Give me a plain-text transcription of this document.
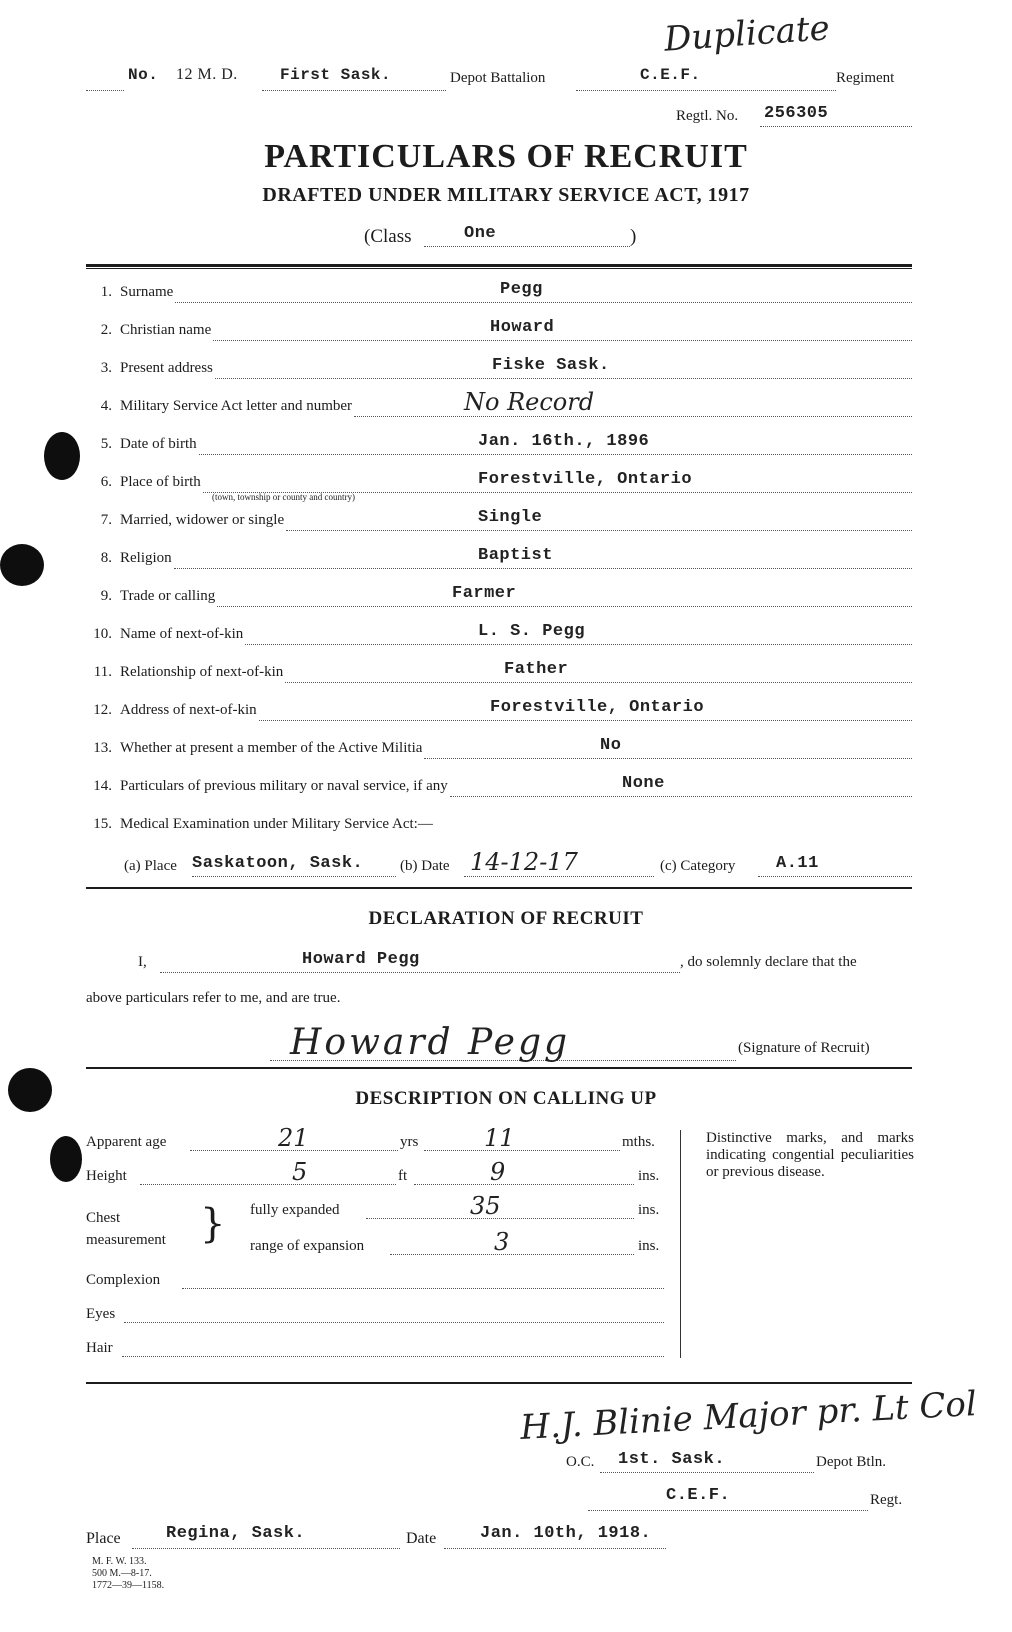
Duplicate
No. 12 M. D.	First Sask.	Depot Battalion	C.E.F.	Regiment
Regtl. No. 256305
PARTICULARS OF RECRUIT
DRAFTED UNDER MILITARY SERVICE ACT, 1917
(Class	One	)
1. Surname	Pegg
2. Christian name	Howard
3. Present address	Fiske Sask.
4. Military Service Act letter and number	No Record
5. Date of birth	Jan. 16th., 1896
6. Place of birth	Forestville, Ontario
(town, township or county and country)
7. Married, widower or single	Single
8. Religion	Baptist
9. Trade or calling	Farmer
10. Name of next-of-kin	L. S. Pegg
11. Relationship of next-of-kin	Father
12. Address of next-of-kin	Forestville, Ontario
13. Whether at present a member of the Active Militia	No
14. Particulars of previous military or naval service, if any	None
15. Medical Examination under Military Service Act:—
(a) Place Saskatoon, Sask. (b) Date 14-12-17	(c) Category A.11
DECLARATION OF RECRUIT
I,	Howard Pegg	, do solemnly declare that the
above particulars refer to me, and are true.
Howard Pegg	(Signature of Recruit)
DESCRIPTION ON CALLING UP
Apparent age	21	yrs	11	mths.
Height	5	ft	9	ins.
Chest
measurement } fully expanded	35	ins.
range of expansion	3	ins.
Complexion
Eyes
Hair
Distinctive marks, and marks indicating congential peculiarities or previous disease.
H.J. Blinie Major pr. Lt Col
O.C. 1st. Sask.	Depot Btln.
C.E.F.	Regt.
Place	Regina, Sask.	Date	Jan. 10th, 1918.
M. F. W. 133.
500 M.—8-17.
1772—39—1158.
